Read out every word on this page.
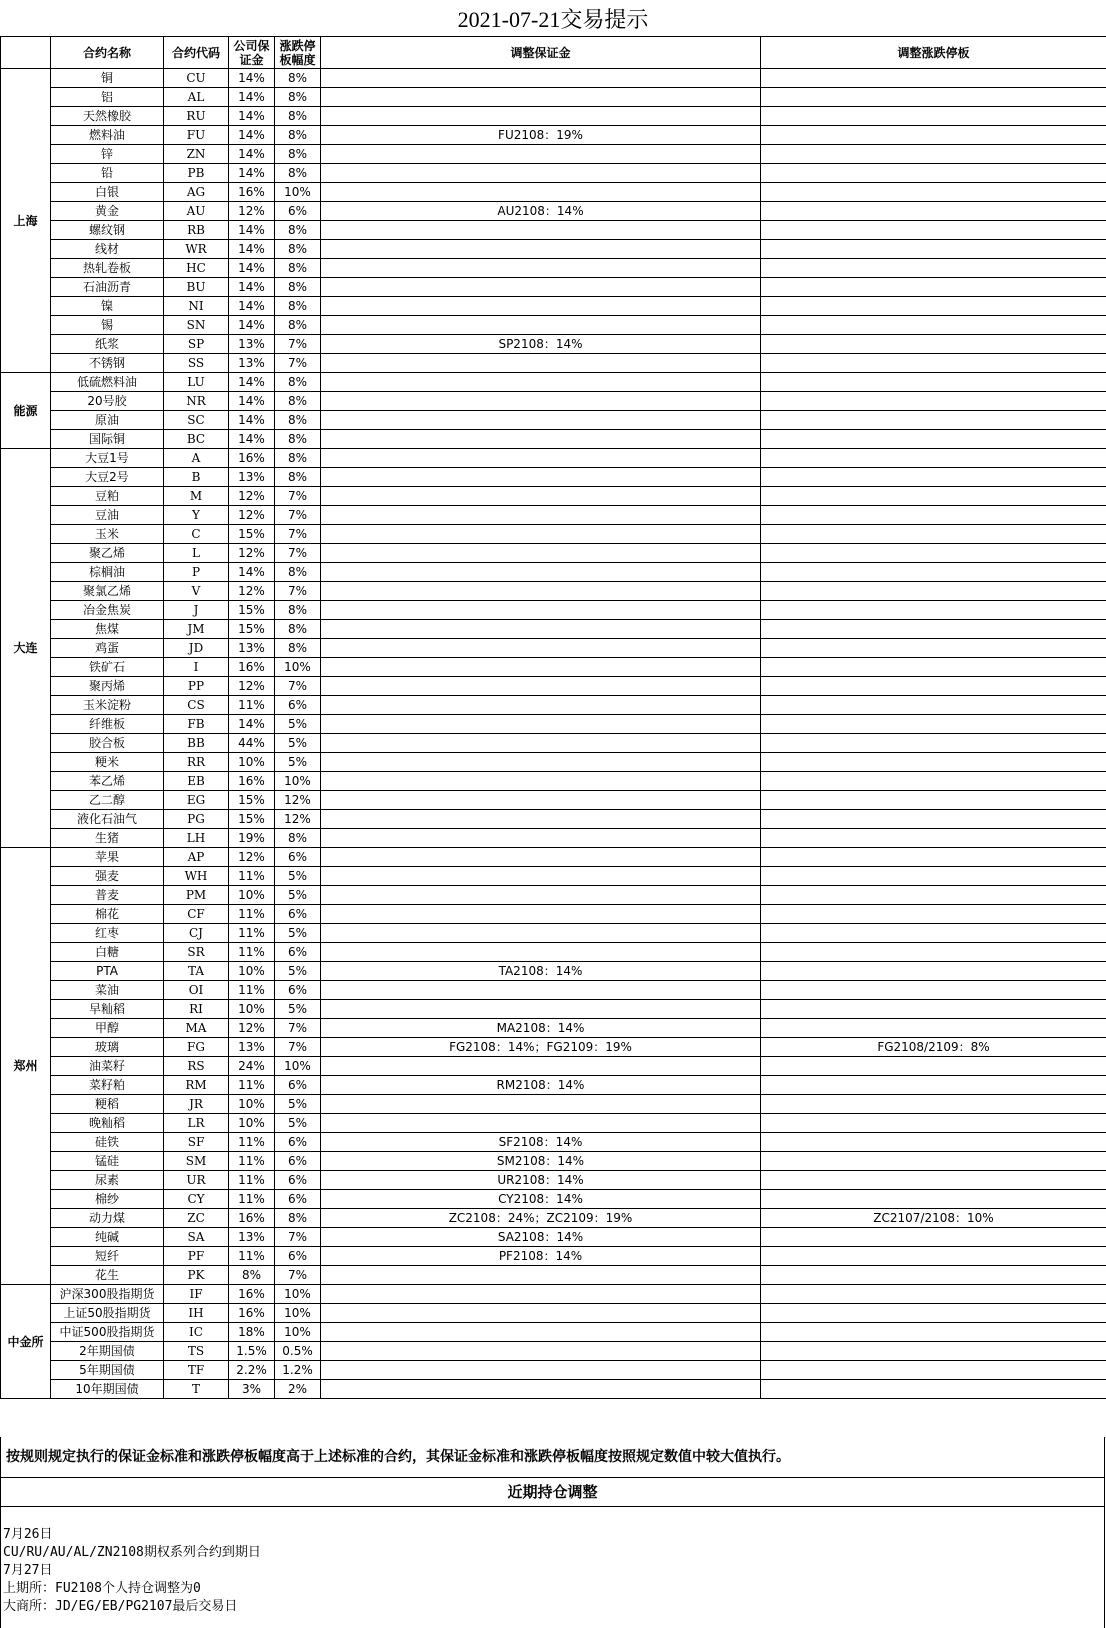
2021-07-21交易提示
	合约名称	合约代码	公司保证金	涨跌停板幅度	调整保证金	调整涨跌停板
上海	铜	CU	14%	8%		
	铝	AL	14%	8%		
	天然橡胶	RU	14%	8%		
	燃料油	FU	14%	8%	FU2108：19%	
	锌	ZN	14%	8%		
	铅	PB	14%	8%		
	白银	AG	16%	10%		
	黄金	AU	12%	6%	AU2108：14%	
	螺纹钢	RB	14%	8%		
	线材	WR	14%	8%		
	热轧卷板	HC	14%	8%		
	石油沥青	BU	14%	8%		
	镍	NI	14%	8%		
	锡	SN	14%	8%		
	纸浆	SP	13%	7%	SP2108：14%	
	不锈钢	SS	13%	7%		
能源	低硫燃料油	LU	14%	8%		
	20号胶	NR	14%	8%		
	原油	SC	14%	8%		
	国际铜	BC	14%	8%		
大连	大豆1号	A	16%	8%		
	大豆2号	B	13%	8%		
	豆粕	M	12%	7%		
	豆油	Y	12%	7%		
	玉米	C	15%	7%		
	聚乙烯	L	12%	7%		
	棕榈油	P	14%	8%		
	聚氯乙烯	V	12%	7%		
	冶金焦炭	J	15%	8%		
	焦煤	JM	15%	8%		
	鸡蛋	JD	13%	8%		
	铁矿石	I	16%	10%		
	聚丙烯	PP	12%	7%		
	玉米淀粉	CS	11%	6%		
	纤维板	FB	14%	5%		
	胶合板	BB	44%	5%		
	粳米	RR	10%	5%		
	苯乙烯	EB	16%	10%		
	乙二醇	EG	15%	12%		
	液化石油气	PG	15%	12%		
	生猪	LH	19%	8%		
郑州	苹果	AP	12%	6%		
	强麦	WH	11%	5%		
	普麦	PM	10%	5%		
	棉花	CF	11%	6%		
	红枣	CJ	11%	5%		
	白糖	SR	11%	6%		
	PTA	TA	10%	5%	TA2108：14%	
	菜油	OI	11%	6%		
	早籼稻	RI	10%	5%		
	甲醇	MA	12%	7%	MA2108：14%	
	玻璃	FG	13%	7%	FG2108：14%；FG2109：19%	FG2108/2109：8%
	油菜籽	RS	24%	10%		
	菜籽粕	RM	11%	6%	RM2108：14%	
	粳稻	JR	10%	5%		
	晚籼稻	LR	10%	5%		
	硅铁	SF	11%	6%	SF2108：14%	
	锰硅	SM	11%	6%	SM2108：14%	
	尿素	UR	11%	6%	UR2108：14%	
	棉纱	CY	11%	6%	CY2108：14%	
	动力煤	ZC	16%	8%	ZC2108：24%；ZC2109：19%	ZC2107/2108：10%
	纯碱	SA	13%	7%	SA2108：14%	
	短纤	PF	11%	6%	PF2108：14%	
	花生	PK	8%	7%		
中金所	沪深300股指期货	IF	16%	10%		
	上证50股指期货	IH	16%	10%		
	中证500股指期货	IC	18%	10%		
	2年期国债	TS	1.5%	0.5%		
	5年期国债	TF	2.2%	1.2%		
	10年期国债	T	3%	2%		
按规则规定执行的保证金标准和涨跌停板幅度高于上述标准的合约，其保证金标准和涨跌停板幅度按照规定数值中较大值执行。
近期持仓调整
7月26日
CU/RU/AU/AL/ZN2108期权系列合约到期日
7月27日
上期所：FU2108个人持仓调整为0
大商所：JD/EG/EB/PG2107最后交易日
